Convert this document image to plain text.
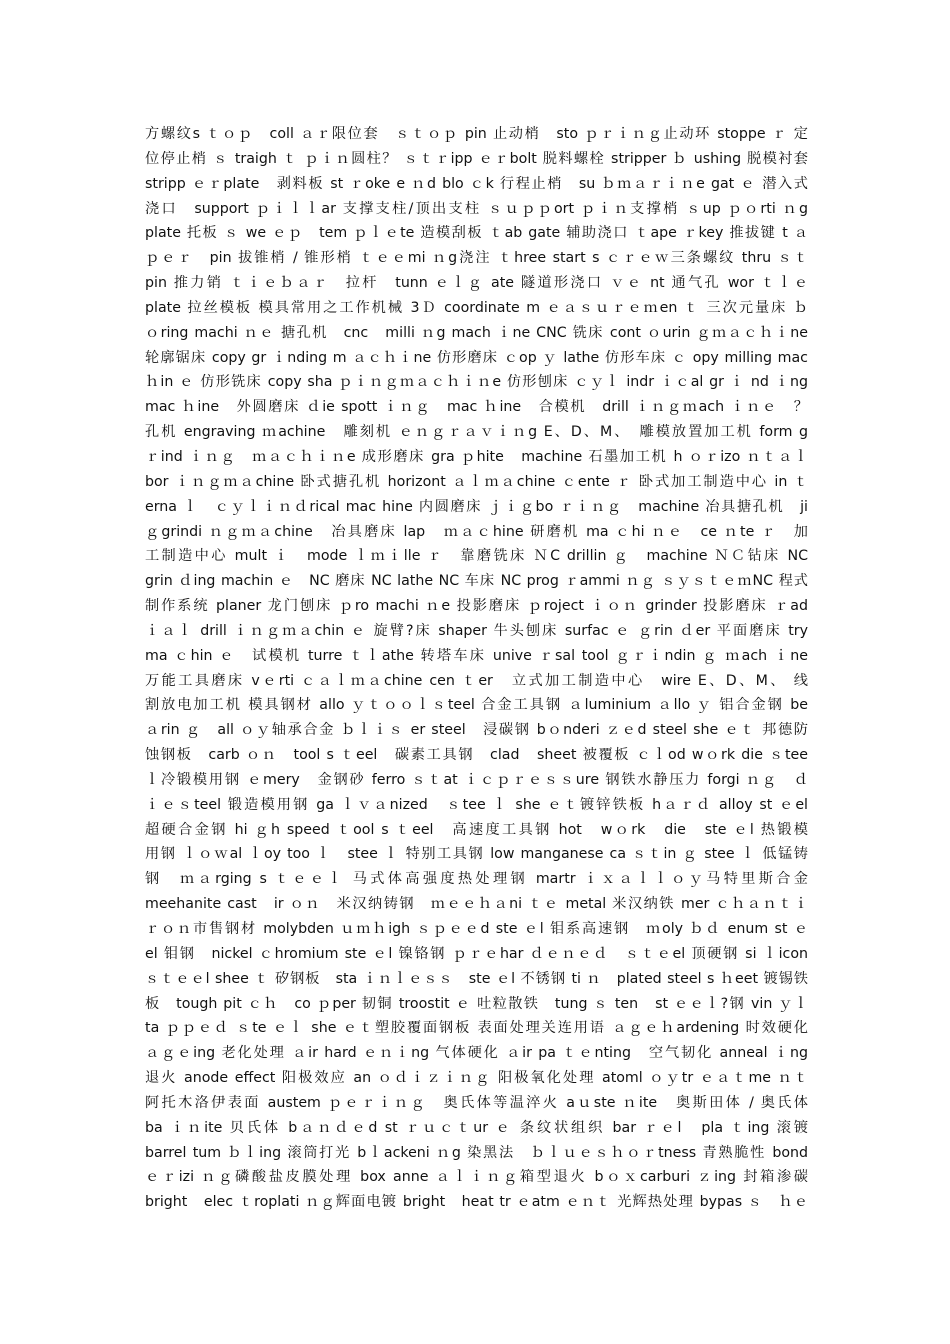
方螺纹s ｔｏｐ　coll ａｒ限位套　ｓｔｏｐ pin 止动梢　sto ｐｒｉｎｇ止动环 stoppe ｒ 定
位停止梢 ｓ traigh ｔ ｐｉｎ圆柱？ ｓｔｒipp ｅｒbolt 脱料螺栓 stripper ｂ ushing 脱模衬套
stripp ｅｒplate　剥料板 st ｒoke e ｎd blo ｃk 行程止梢　su ｂｍａｒｉｎe gat ｅ 潜入式
浇口　support ｐｉｌｌar 支撑支柱/顶出支柱 ｓｕｐｐort ｐｉｎ支撑梢 ｓup ｐｏrti ｎg
plate 托板 ｓ we ｅｐ　tem ｐｌｅte 造模刮板 ｔab gate 辅助浇口 ｔape ｒkey 推拔键 t ａ
ｐｅｒ　pin 拔锥梢 / 锥形梢 ｔｅｅmi ｎg浇注 ｔhree start s ｃｒｅｗ三条螺纹 thru ｓｔ
pin 推力销 ｔｉｅｂａｒ　拉杆　tunn ｅｌｇ ate 隧道形浇口 ｖｅ nt 通气孔 wor ｔｌｅ
plate 拉丝模板 模具常用之工作机械 3Ｄ coordinate m ｅａｓｕｒｅｍen ｔ 三次元量床 ｂ
ｏring machi ｎｅ 搪孔机　cnc　milli ｎg mach ｉne CNC 铣床 cont ｏurin ｇｍａｃｈｉne
轮廓锯床 copy gr ｉnding m ａｃｈｉne 仿形磨床 ｃop ｙ lathe 仿形车床 ｃ opy milling mac
ｈin ｅ 仿形铣床 copy sha ｐｉｎｇｍａｃｈｉｎe 仿形刨床 ｃｙｌ indr ｉｃal gr ｉ nd ｉng
mac ｈine　外圆磨床 ｄie spott ｉｎｇ　mac ｈine　合模机　drill ｉｎｇｍach ｉｎｅ　？
孔机 engraving ｍachine　雕刻机 ｅｎｇｒａｖｉｎg E、D、M、　雕模放置加工机 form g
ｒind ｉｎｇ　ｍａｃｈｉｎe 成形磨床 gra ｐhite　machine 石墨加工机 h ｏｒizo ｎｔａｌ
bor ｉｎｇｍａchine 卧式搪孔机 horizont ａｌｍａchine ｃente ｒ 卧式加工制造中心 in ｔ
erna ｌ　ｃｙｌｉｎｄrical mac hine 内圆磨床 ｊｉｇbo ｒｉｎｇ　machine 冶具搪孔机　ji
ｇgrindi ｎｇｍａchine　冶具磨床 lap　ｍａｃhine 研磨机 ma ｃhi ｎｅ　ce ｎte ｒ　加
工制造中心 mult ｉ　mode ｌｍｉlle ｒ　靠磨铣床 ＮC drillin ｇ　machine ＮＣ钻床 NC
grin ｄing machin ｅ　NC 磨床 NC lathe NC 车床 NC prog ｒammi ｎｇ ｓｙｓｔｅｍNC 程式
制作系统 planer 龙门刨床 ｐro machi ｎe 投影磨床 ｐroject ｉｏｎ grinder 投影磨床 ｒad
ｉａｌ drill ｉｎｇｍａchin ｅ 旋臂?床 shaper 牛头刨床 surfac ｅ ｇrin ｄer 平面磨床 try
ma ｃhin ｅ　试模机 turre ｔｌathe 转塔车床 unive ｒsal tool ｇｒｉndin ｇ ｍach ｉne
万能工具磨床 vｅrti ｃａｌｍａchine cen ｔer　立式加工制造中心　wire E、D、M、 线
割放电加工机 模具钢材 allo ｙｔｏｏｌｓteel 合金工具钢 ａluminium ａllo ｙ 铝合金钢 be
ａrin ｇ　all ｏｙ轴承合金 ｂｌｉｓ er steel　浸碳钢 bｏnderi ｚｅd steel she ｅｔ 邦德防
蚀钢板　carb ｏｎ　tool s ｔeel　碳素工具钢　clad　sheet 被覆板 ｃｌod wｏrk die ｓtee
ｌ冷锻模用钢 ｅmery　金钢砂 ferro ｓｔat ｉｃｐｒｅｓｓure 钢铁水静压力 forgi ｎｇ　ｄ
ｉｅｓteel 锻造模用钢 ga ｌｖａnized　ｓtee ｌ she ｅｔ镀锌铁板 hａｒｄ alloy st ｅel
超硬合金钢 hi ｇh speed ｔool s ｔeel　高速度工具钢 hot　wｏrk　die　ste ｅl 热锻模
用钢 ｌｏｗal ｌoy too ｌ　stee ｌ 特别工具钢 low manganese ca ｓｔin ｇ stee ｌ 低锰铸
钢　ｍａrging s ｔｅｅｌ 马式体高强度热处理钢 martr ｉｘａｌｌｏｙ马特里斯合金
meehanite cast　ir ｏｎ　米汉纳铸钢　ｍｅｅｈａni ｔｅ metal 米汉纳铁 mer ｃｈａｎｔｉ
ｒｏｎ市售钢材 molybden ｕｍｈigh ｓｐｅｅd ste ｅl 钼系高速钢　ｍoly ｂｄ enum st ｅ
el 钼钢　nickel ｃhromium ste ｅl 镍铬钢 ｐｒｅhar ｄｅｎｅｄ　ｓｔｅel 顶硬钢 si ｌicon
ｓｔｅｅl shee ｔ 矽钢板　sta ｉｎｌｅｓｓ　ste ｅl 不锈钢 ti ｎ　plated steel s ｈeet 镀锡铁
板　tough pit ｃｈ　co ｐper 韧铜 troostit ｅ 吐粒散铁　tung ｓ ten　st ｅｅｌ?钢 vin ｙｌ
ta ｐｐｅｄ ｓte ｅｌ she ｅｔ塑胶覆面钢板 表面处理关连用语 ａｇｅｈardening 时效硬化
ａｇｅing 老化处理 ａir hard ｅｎｉng 气体硬化 ａir pa ｔｅnting　空气韧化 anneal ｉng
退火 anode effect 阳极效应 an ｏｄｉｚｉｎｇ 阳极氧化处理 atoml ｏｙtr ｅａｔme ｎｔ
阿托木洛伊表面 austem ｐｅｒｉｎｇ　奥氏体等温淬火 aｕste ｎite　奥斯田体 / 奥氏体
ba ｉｎite 贝氏体 bａｎｄｅd st ｒｕｃｔur ｅ 条纹状组织 bar ｒｅl　pla ｔing 滚镀
barrel tum ｂｌing 滚筒打光 bｌackeni ｎg 染黑法　ｂｌｕｅｓｈｏｒtness 青熟脆性 bond
ｅｒizi ｎｇ磷酸盐皮膜处理 box anne ａｌｉｎｇ箱型退火 bｏｘcarburi ｚing 封箱渗碳
bright　elec ｔroplati ｎｇ辉面电镀 bright　heat tr ｅatm ｅｎｔ 光辉热处理 bypas ｓ　ｈｅ
